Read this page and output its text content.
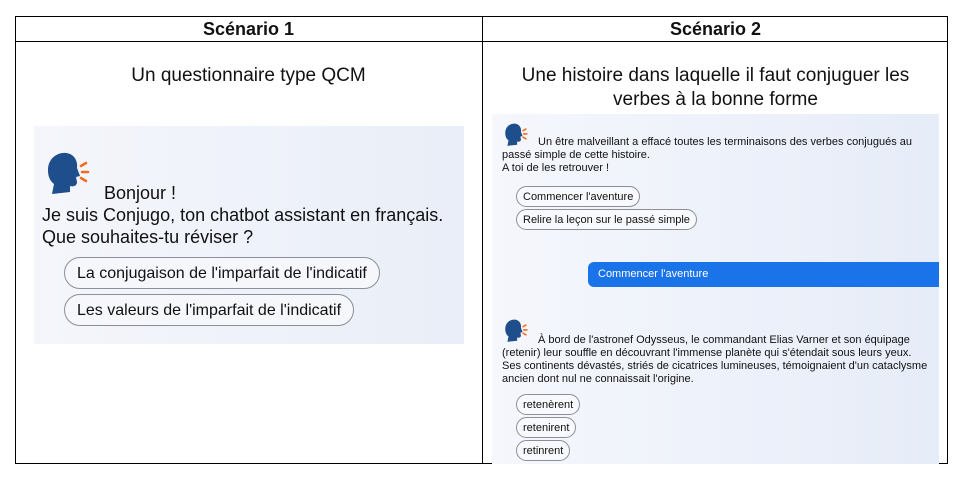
Scénario 1	Scénario 2
Un questionnaire type QCM	Une histoire dans laquelle il faut conjuguer les
verbes à la bonne forme
Bonjour !
Je suis Conjugo, ton chatbot assistant en français.
Que souhaites-tu réviser ?
La conjugaison de l'imparfait de l'indicatif
Les valeurs de l'imparfait de l'indicatif
Un être malveillant a effacé toutes les terminaisons des verbes conjugués au
passé simple de cette histoire.
A toi de les retrouver !
Commencer l'aventure
Relire la leçon sur le passé simple
Commencer l'aventure
À bord de l'astronef Odysseus, le commandant Elias Varner et son équipage
(retenir) leur souffle en découvrant l'immense planète qui s'étendait sous leurs yeux.
Ses continents dévastés, striés de cicatrices lumineuses, témoignaient d'un cataclysme
ancien dont nul ne connaissait l'origine.
retenèrent
retenirent
retinrent
